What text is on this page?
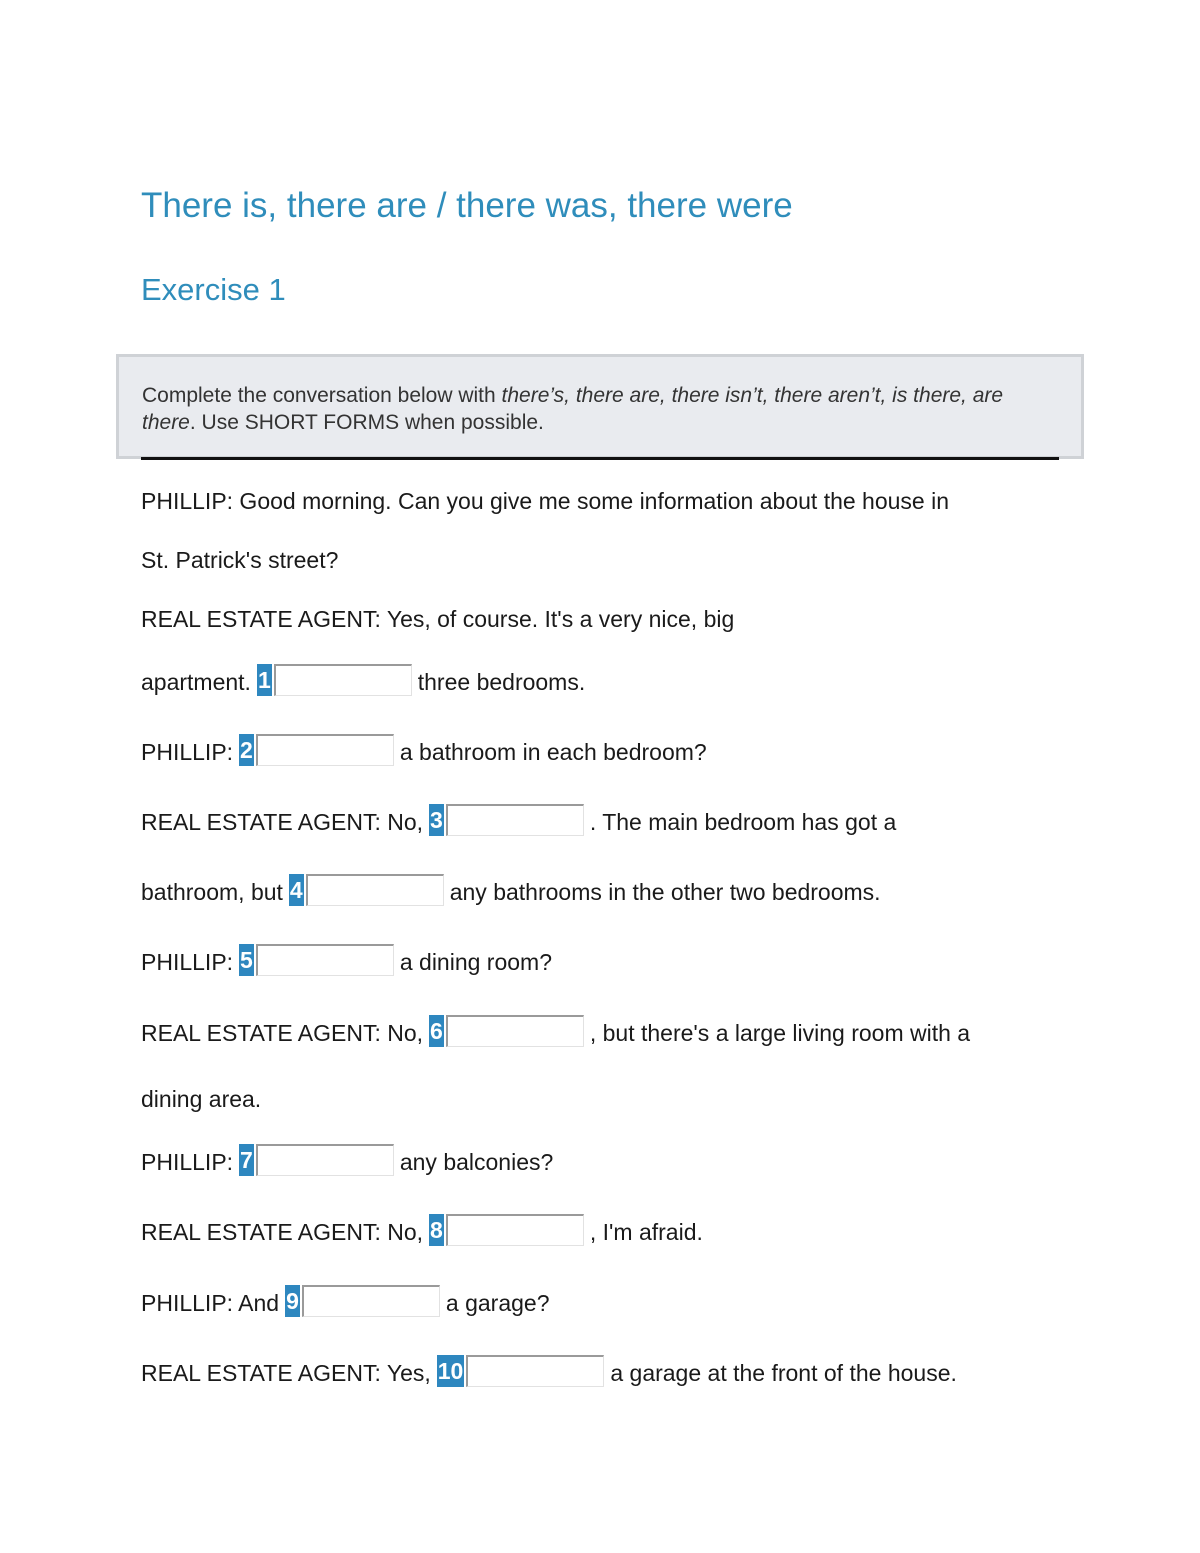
There is, there are / there was, there were
Exercise 1
Complete the conversation below with there’s, there are, there isn’t, there aren’t, is there, are there. Use SHORT FORMS when possible.

PHILLIP: Good morning. Can you give me some information about the house in

St. Patrick's street?

REAL ESTATE AGENT: Yes, of course. It's a very nice, big

apartment. 1	three bedrooms.

PHILLIP: 2	a bathroom in each bedroom?

REAL ESTATE AGENT: No, 3	. The main bedroom has got a

bathroom, but 4	any bathrooms in the other two bedrooms.

PHILLIP: 5	a dining room?

REAL ESTATE AGENT: No, 6	, but there's a large living room with a

dining area.

PHILLIP: 7	any balconies?

REAL ESTATE AGENT: No, 8	, I'm afraid.

PHILLIP: And 9	a garage?

REAL ESTATE AGENT: Yes, 10	a garage at the front of the house.
